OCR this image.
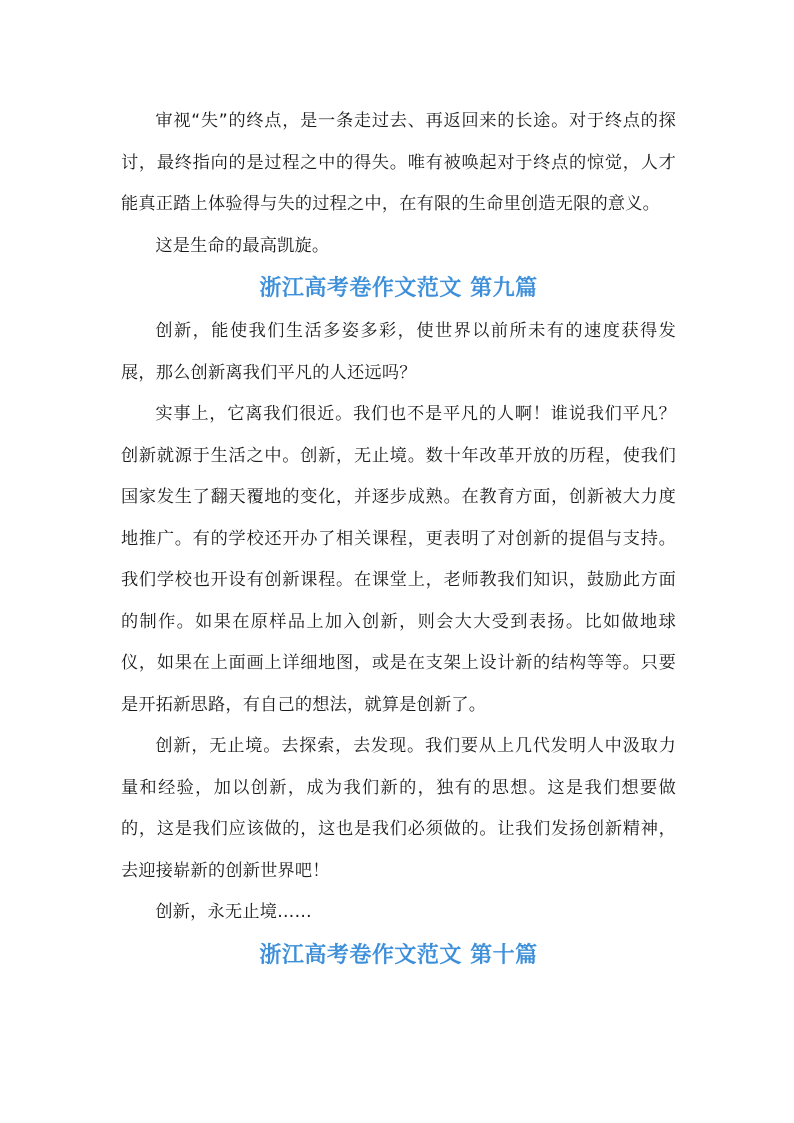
审视“失”的终点，是一条走过去、再返回来的长途。对于终点的探讨，最终指向的是过程之中的得失。唯有被唤起对于终点的惊觉，人才能真正踏上体验得与失的过程之中，在有限的生命里创造无限的意义。

这是生命的最高凯旋。

浙江高考卷作文范文 第九篇

创新，能使我们生活多姿多彩，使世界以前所未有的速度获得发展，那么创新离我们平凡的人还远吗？

实事上，它离我们很近。我们也不是平凡的人啊！谁说我们平凡？创新就源于生活之中。创新，无止境。数十年改革开放的历程，使我们国家发生了翻天覆地的变化，并逐步成熟。在教育方面，创新被大力度地推广。有的学校还开办了相关课程，更表明了对创新的提倡与支持。我们学校也开设有创新课程。在课堂上，老师教我们知识，鼓励此方面的制作。如果在原样品上加入创新，则会大大受到表扬。比如做地球仪，如果在上面画上详细地图，或是在支架上设计新的结构等等。只要是开拓新思路，有自己的想法，就算是创新了。

创新，无止境。去探索，去发现。我们要从上几代发明人中汲取力量和经验，加以创新，成为我们新的，独有的思想。这是我们想要做的，这是我们应该做的，这也是我们必须做的。让我们发扬创新精神，去迎接崭新的创新世界吧！

创新，永无止境……

浙江高考卷作文范文 第十篇
